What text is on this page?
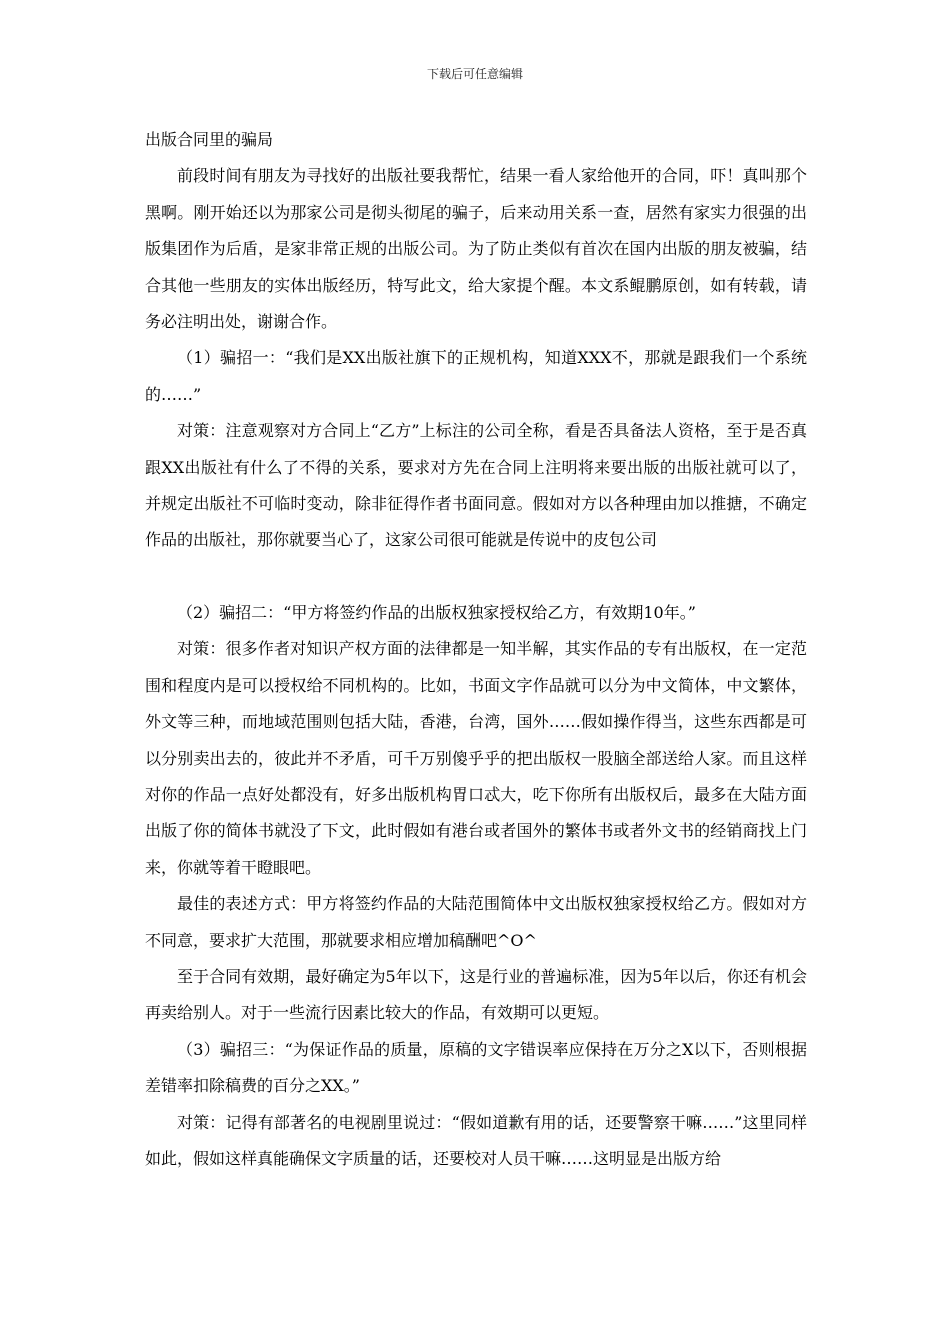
下载后可任意编辑

出版合同里的骗局

前段时间有朋友为寻找好的出版社要我帮忙，结果一看人家给他开的合同，吓！真叫那个黑啊。刚开始还以为那家公司是彻头彻尾的骗子，后来动用关系一查，居然有家实力很强的出版集团作为后盾，是家非常正规的出版公司。为了防止类似有首次在国内出版的朋友被骗，结合其他一些朋友的实体出版经历，特写此文，给大家提个醒。本文系鲲鹏原创，如有转载，请务必注明出处，谢谢合作。

（1）骗招一：“我们是XX出版社旗下的正规机构，知道XXX不，那就是跟我们一个系统的……”

对策：注意观察对方合同上“乙方”上标注的公司全称，看是否具备法人资格，至于是否真跟XX出版社有什么了不得的关系，要求对方先在合同上注明将来要出版的出版社就可以了，并规定出版社不可临时变动，除非征得作者书面同意。假如对方以各种理由加以推搪，不确定作品的出版社，那你就要当心了，这家公司很可能就是传说中的皮包公司

（2）骗招二：“甲方将签约作品的出版权独家授权给乙方，有效期10年。”

对策：很多作者对知识产权方面的法律都是一知半解，其实作品的专有出版权，在一定范围和程度内是可以授权给不同机构的。比如，书面文字作品就可以分为中文简体，中文繁体，外文等三种，而地域范围则包括大陆，香港，台湾，国外……假如操作得当，这些东西都是可以分别卖出去的，彼此并不矛盾，可千万别傻乎乎的把出版权一股脑全部送给人家。而且这样对你的作品一点好处都没有，好多出版机构胃口忒大，吃下你所有出版权后，最多在大陆方面出版了你的简体书就没了下文，此时假如有港台或者国外的繁体书或者外文书的经销商找上门来，你就等着干瞪眼吧。

最佳的表述方式：甲方将签约作品的大陆范围简体中文出版权独家授权给乙方。假如对方不同意，要求扩大范围，那就要求相应增加稿酬吧^O^

至于合同有效期，最好确定为5年以下，这是行业的普遍标准，因为5年以后，你还有机会再卖给别人。对于一些流行因素比较大的作品，有效期可以更短。

（3）骗招三：“为保证作品的质量，原稿的文字错误率应保持在万分之X以下，否则根据差错率扣除稿费的百分之XX。”

对策：记得有部著名的电视剧里说过：“假如道歉有用的话，还要警察干嘛……”这里同样如此，假如这样真能确保文字质量的话，还要校对人员干嘛……这明显是出版方给
